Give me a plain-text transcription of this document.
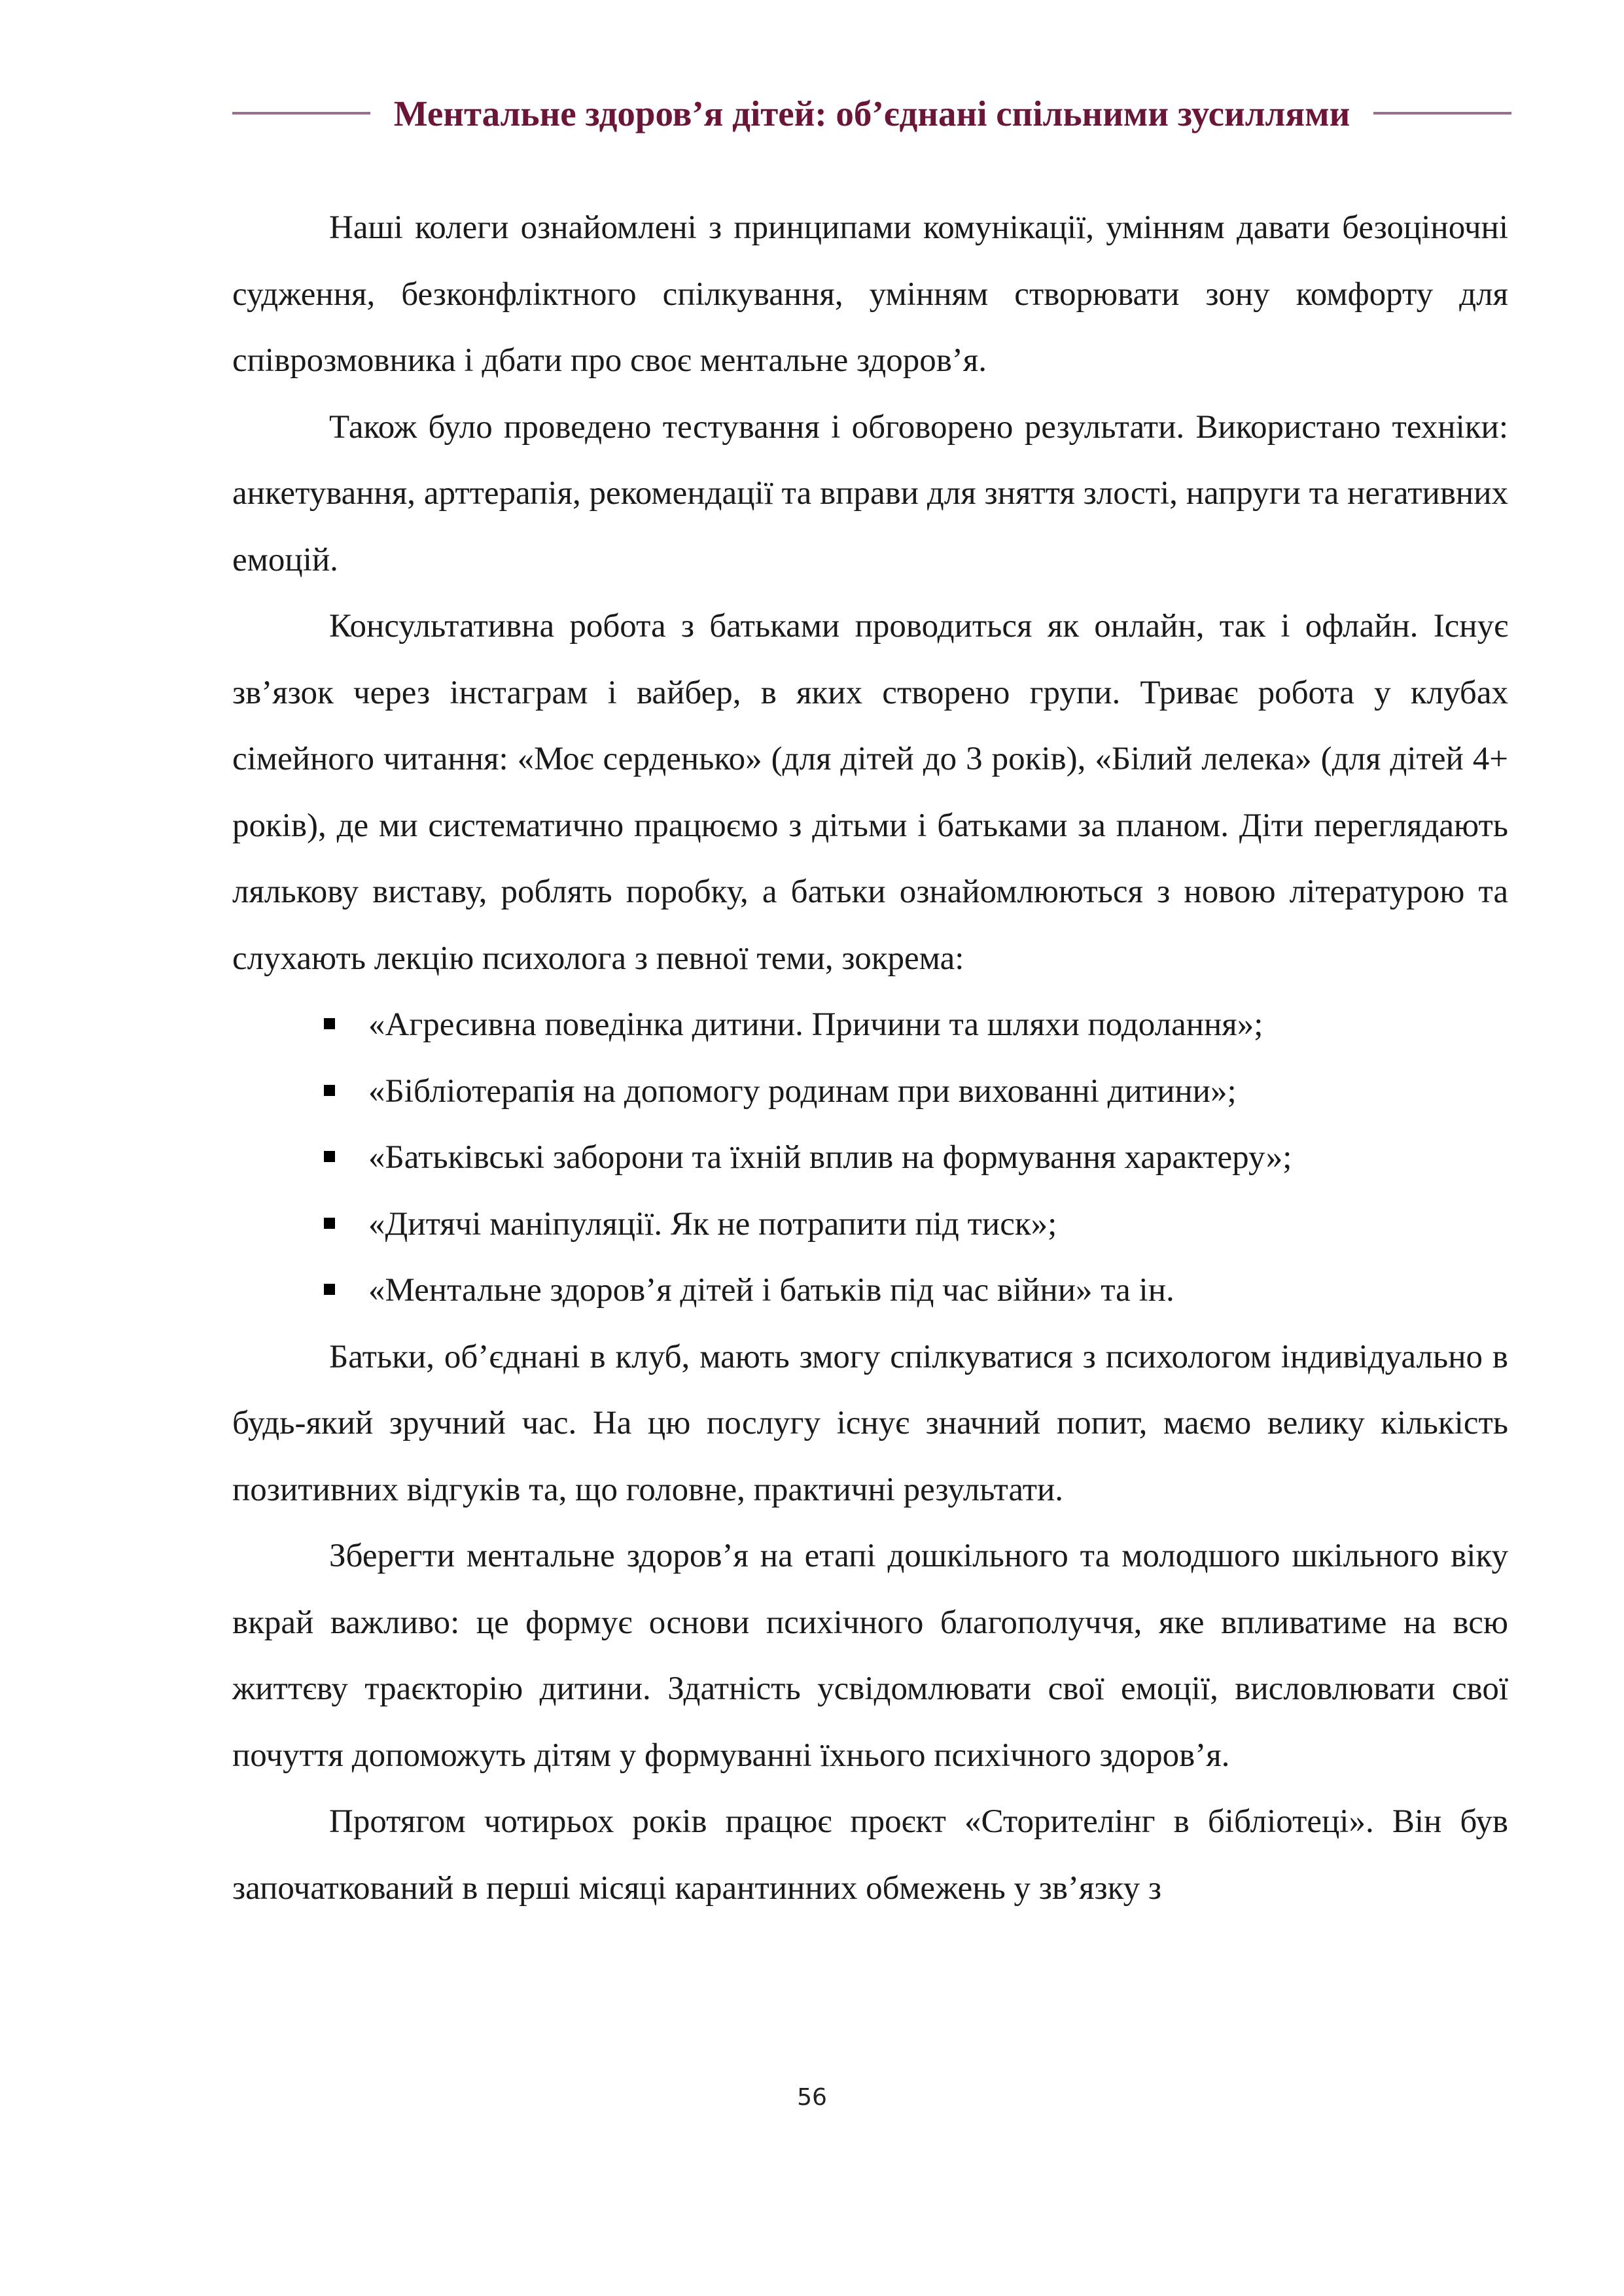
Ментальне здоров’я дітей: об’єднані спільними зусиллями

Наші колеги ознайомлені з принципами комунікації, умінням давати безоціночні судження, безконфліктного спілкування, умінням створювати зону комфорту для співрозмовника і дбати про своє ментальне здоров’я.

Також було проведено тестування і обговорено результати. Використано техніки: анкетування, арттерапія, рекомендації та вправи для зняття злості, напруги та негативних емоцій.

Консультативна робота з батьками проводиться як онлайн, так і офлайн. Існує зв’язок через інстаграм і вайбер, в яких створено групи. Триває робота у клубах сімейного читання: «Моє серденько» (для дітей до 3 років), «Білий лелека» (для дітей 4+ років), де ми систематично працюємо з дітьми і батьками за планом. Діти переглядають лялькову виставу, роблять поробку, а батьки ознайомлюються з новою літературою та слухають лекцію психолога з певної теми, зокрема:

«Агресивна поведінка дитини. Причини та шляхи подолання»;
«Бібліотерапія на допомогу родинам при вихованні дитини»;
«Батьківські заборони та їхній вплив на формування характеру»;
«Дитячі маніпуляції. Як не потрапити під тиск»;
«Ментальне здоров’я дітей і батьків під час війни» та ін.

Батьки, об’єднані в клуб, мають змогу спілкуватися з психологом індивідуально в будь-який зручний час. На цю послугу існує значний попит, маємо велику кількість позитивних відгуків та, що головне, практичні результати.

Зберегти ментальне здоров’я на етапі дошкільного та молодшого шкільного віку вкрай важливо: це формує основи психічного благополуччя, яке впливатиме на всю життєву траєкторію дитини. Здатність усвідомлювати свої емоції, висловлювати свої почуття допоможуть дітям у формуванні їхнього психічного здоров’я.

Протягом чотирьох років працює проєкт «Сторителінг в бібліотеці». Він був започаткований в перші місяці карантинних обмежень у зв’язку з

56
